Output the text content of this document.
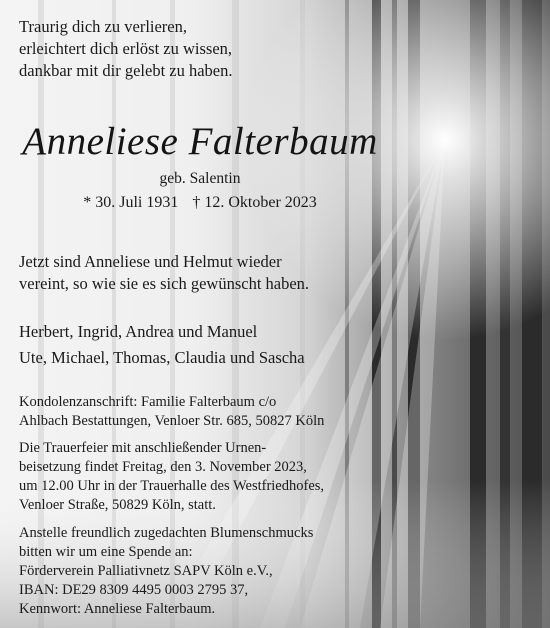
Traurig dich zu verlieren,
erleichtert dich erlöst zu wissen,
dankbar mit dir gelebt zu haben.
Anneliese Falterbaum
geb. Salentin
* 30. Juli 1931 † 12. Oktober 2023
Jetzt sind Anneliese und Helmut wieder
vereint, so wie sie es sich gewünscht haben.
Herbert, Ingrid, Andrea und Manuel
Ute, Michael, Thomas, Claudia und Sascha
Kondolenzanschrift: Familie Falterbaum c/o
Ahlbach Bestattungen, Venloer Str. 685, 50827 Köln
Die Trauerfeier mit anschließender Urnen-
beisetzung findet Freitag, den 3. November 2023,
um 12.00 Uhr in der Trauerhalle des Westfriedhofes,
Venloer Straße, 50829 Köln, statt.
Anstelle freundlich zugedachten Blumenschmucks
bitten wir um eine Spende an:
Förderverein Palliativnetz SAPV Köln e.V.,
IBAN: DE29 8309 4495 0003 2795 37,
Kennwort: Anneliese Falterbaum.
